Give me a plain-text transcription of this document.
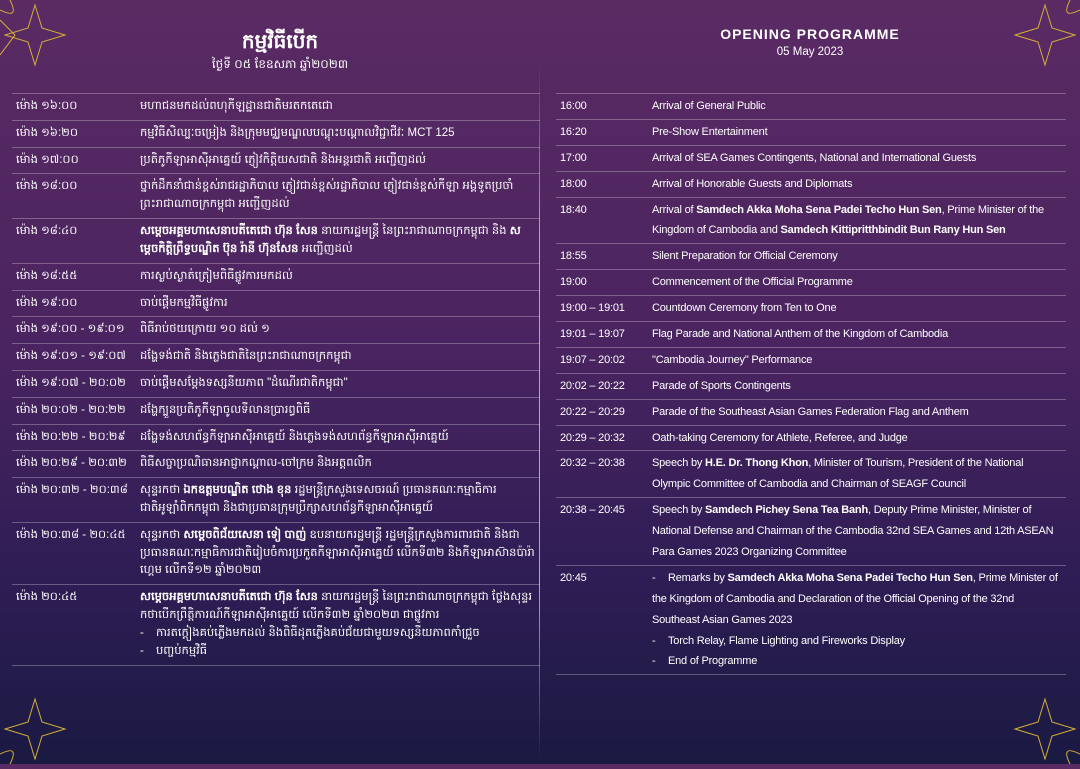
កម្មវិធីបើក
ថ្ងៃទី ០៥ ខែឧសភា ឆ្នាំ២០២៣
OPENING PROGRAMME
05 May 2023
ម៉ោង ១៦:០០	មហាជនមកដល់ពហុកីឡដ្ឋានជាតិមរតកតេជោ
ម៉ោង ១៦:២០	កម្មវិធីសិល្បៈចម្រៀង និងក្រុមមជ្ឈមណ្ឌលបណ្តុះបណ្តាលវិជ្ជាជីវៈ MCT 125
ម៉ោង ១៧:០០	ប្រតិភូកីឡាអាស៊ីអាគ្នេយ៍ ភ្ញៀវកិត្តិយសជាតិ និងអន្តរជាតិ អញ្ជើញដល់
ម៉ោង ១៨:០០	ថ្នាក់ដឹកនាំជាន់ខ្ពស់រាជរដ្ឋាភិបាល ភ្ញៀវជាន់ខ្ពស់រដ្ឋាភិបាល ភ្ញៀវជាន់ខ្ពស់កីឡា អង្គទូតប្រចាំព្រះរាជាណាចក្រកម្ពុជា អញ្ជើញដល់
ម៉ោង ១៨:៤០	សម្តេចអគ្គមហាសេនាបតីតេជោ ហ៊ុន សែន នាយករដ្ឋមន្ត្រី នៃព្រះរាជាណាចក្រកម្ពុជា និង សម្តេចកិត្តិព្រឹទ្ធបណ្ឌិត ប៊ុន រ៉ានី ហ៊ុនសែន អញ្ជើញដល់
ម៉ោង ១៨:៥៥	ការស្ងប់ស្ងាត់ត្រៀមពិធីផ្លូវការមកដល់
ម៉ោង ១៩:០០	ចាប់ផ្តើមកម្មវិធីផ្លូវការ
ម៉ោង ១៩:០០ - ១៩:០១	ពិធីរាប់ថយក្រោយ ១០ ដល់ ១
ម៉ោង ១៩:០១ - ១៩:០៧	ដង្ហែទង់ជាតិ និងភ្លេងជាតិនៃព្រះរាជាណាចក្រកម្ពុជា
ម៉ោង ១៩:០៧ - ២០:០២	ចាប់ផ្តើមសម្តែងទស្សនីយភាព "ដំណើរជាតិកម្ពុជា"
ម៉ោង ២០:០២ - ២០:២២	ដង្ហែក្បួនប្រតិភូកីឡាចូលទីលានប្រារព្ធពិធី
ម៉ោង ២០:២២ - ២០:២៩	ដង្ហែទង់សហព័ន្ធកីឡាអាស៊ីអាគ្នេយ៍ និងភ្លេងទង់សហព័ន្ធកីឡាអាស៊ីអាគ្នេយ៍
ម៉ោង ២០:២៩ - ២០:៣២	ពិធីសច្ចាប្រណិធានអាជ្ញាកណ្តាល-ចៅក្រម និងអត្តពលិក
ម៉ោង ២០:៣២ - ២០:៣៨	សុន្ទរកថា ឯកឧត្តមបណ្ឌិត ថោង ខុន រដ្ឋមន្ត្រីក្រសួងទេសចរណ៍ ប្រធានគណៈកម្មាធិការជាតិអូឡាំពិកកម្ពុជា និងជាប្រធានក្រុមប្រឹក្សាសហព័ន្ធកីឡាអាស៊ីអាគ្នេយ៍
ម៉ោង ២០:៣៨ - ២០:៤៥	សុន្ទរកថា សម្តេចពិជ័យសេនា ទៀ បាញ់ ឧបនាយករដ្ឋមន្ត្រី រដ្ឋមន្ត្រីក្រសួងការពារជាតិ និងជាប្រធានគណៈកម្មាធិការជាតិរៀបចំការប្រកួតកីឡាអាស៊ីអាគ្នេយ៍ លើកទី៣២ និងកីឡាអាស៊ានប៉ារ៉ាហ្គេម លើកទី១២ ឆ្នាំ២០២៣
ម៉ោង ២០:៤៥	សម្តេចអគ្គមហាសេនាបតីតេជោ ហ៊ុន សែន នាយករដ្ឋមន្ត្រី នៃព្រះរាជាណាចក្រកម្ពុជា ថ្លែងសុន្ទរកថាបើកព្រឹត្តិការណ៍កីឡាអាស៊ីអាគ្នេយ៍ លើកទី៣២ ឆ្នាំ២០២៣ ជាផ្លូវការ
- ការតក្តៀងគប់ភ្លើងមកដល់ និងពិធីដុតភ្លើងគប់ជ័យជាមួយទស្សនីយភាពកាំជ្រួច
- បញ្ចប់កម្មវិធី
16:00	Arrival of General Public
16:20	Pre-Show Entertainment
17:00	Arrival of SEA Games Contingents, National and International Guests
18:00	Arrival of Honorable Guests and Diplomats
18:40	Arrival of Samdech Akka Moha Sena Padei Techo Hun Sen, Prime Minister of the Kingdom of Cambodia and Samdech Kittipritthbindit Bun Rany Hun Sen
18:55	Silent Preparation for Official Ceremony
19:00	Commencement of the Official Programme
19:00 – 19:01	Countdown Ceremony from Ten to One
19:01 – 19:07	Flag Parade and National Anthem of the Kingdom of Cambodia
19:07 – 20:02	"Cambodia Journey" Performance
20:02 – 20:22	Parade of Sports Contingents
20:22 – 20:29	Parade of the Southeast Asian Games Federation Flag and Anthem
20:29 – 20:32	Oath-taking Ceremony for Athlete, Referee, and Judge
20:32 – 20:38	Speech by H.E. Dr. Thong Khon, Minister of Tourism, President of the National Olympic Committee of Cambodia and Chairman of SEAGF Council
20:38 – 20:45	Speech by Samdech Pichey Sena Tea Banh, Deputy Prime Minister, Minister of National Defense and Chairman of the Cambodia 32nd SEA Games and 12th ASEAN Para Games 2023 Organizing Committee
20:45	- Remarks by Samdech Akka Moha Sena Padei Techo Hun Sen, Prime Minister of the Kingdom of Cambodia and Declaration of the Official Opening of the 32nd Southeast Asian Games 2023
- Torch Relay, Flame Lighting and Fireworks Display
- End of Programme
